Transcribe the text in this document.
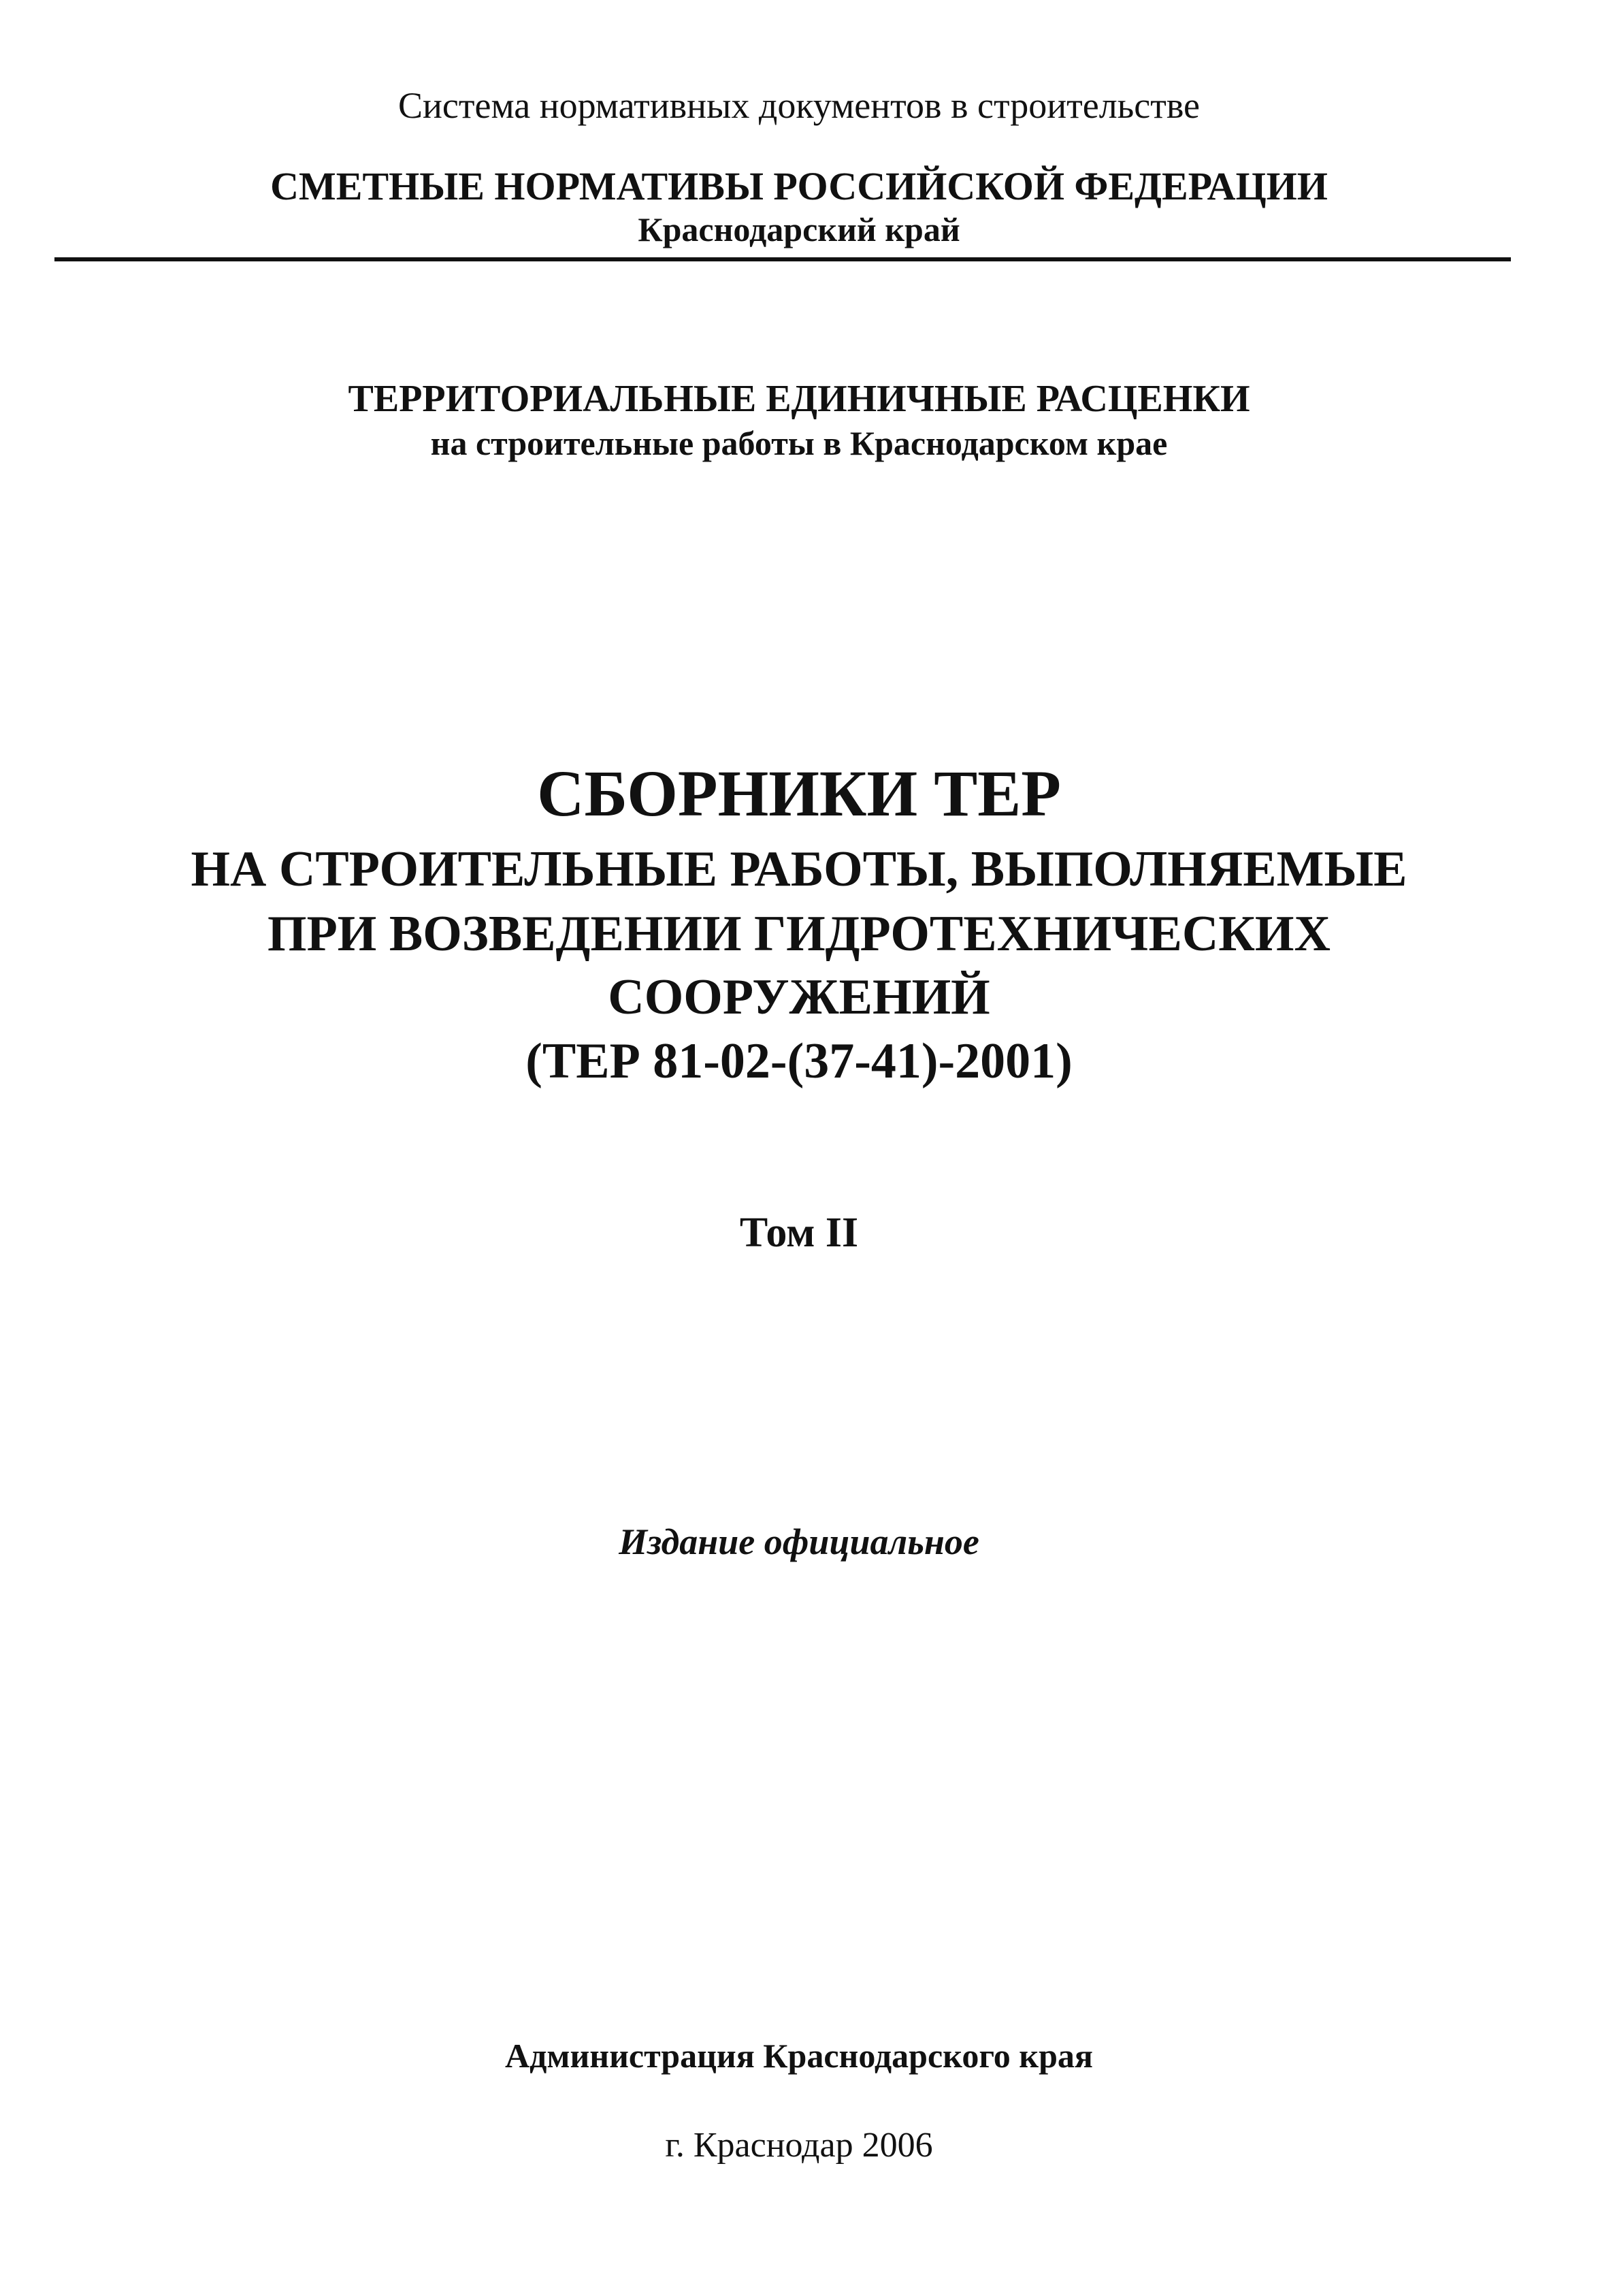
Система нормативных документов в строительстве
СМЕТНЫЕ НОРМАТИВЫ РОССИЙСКОЙ ФЕДЕРАЦИИ
Краснодарский край
ТЕРРИТОРИАЛЬНЫЕ ЕДИНИЧНЫЕ РАСЦЕНКИ
на строительные работы в Краснодарском крае
СБОРНИКИ ТЕР
НА СТРОИТЕЛЬНЫЕ РАБОТЫ, ВЫПОЛНЯЕМЫЕ
ПРИ ВОЗВЕДЕНИИ ГИДРОТЕХНИЧЕСКИХ
СООРУЖЕНИЙ
(ТЕР 81-02-(37-41)-2001)
Том II
Издание официальное
Администрация Краснодарского края
г. Краснодар 2006
